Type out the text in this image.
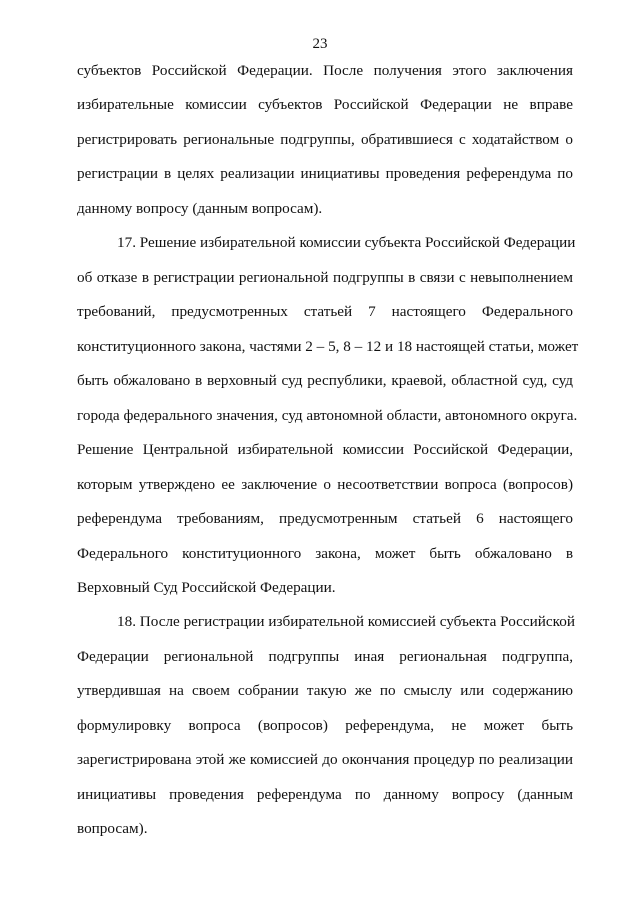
23
субъектов Российской Федерации. После получения этого заключения
избирательные комиссии субъектов Российской Федерации не вправе
регистрировать региональные подгруппы, обратившиеся с ходатайством о
регистрации в целях реализации инициативы проведения референдума по
данному вопросу (данным вопросам).
17. Решение избирательной комиссии субъекта Российской Федерации
об отказе в регистрации региональной подгруппы в связи с невыполнением
требований, предусмотренных статьей 7 настоящего Федерального
конституционного закона, частями 2 – 5, 8 – 12 и 18 настоящей статьи, может
быть обжаловано в верховный суд республики, краевой, областной суд, суд
города федерального значения, суд автономной области, автономного округа.
Решение Центральной избирательной комиссии Российской Федерации,
которым утверждено ее заключение о несоответствии вопроса (вопросов)
референдума требованиям, предусмотренным статьей 6 настоящего
Федерального конституционного закона, может быть обжаловано в
Верховный Суд Российской Федерации.
18. После регистрации избирательной комиссией субъекта Российской
Федерации региональной подгруппы иная региональная подгруппа,
утвердившая на своем собрании такую же по смыслу или содержанию
формулировку вопроса (вопросов) референдума, не может быть
зарегистрирована этой же комиссией до окончания процедур по реализации
инициативы проведения референдума по данному вопросу (данным
вопросам).
